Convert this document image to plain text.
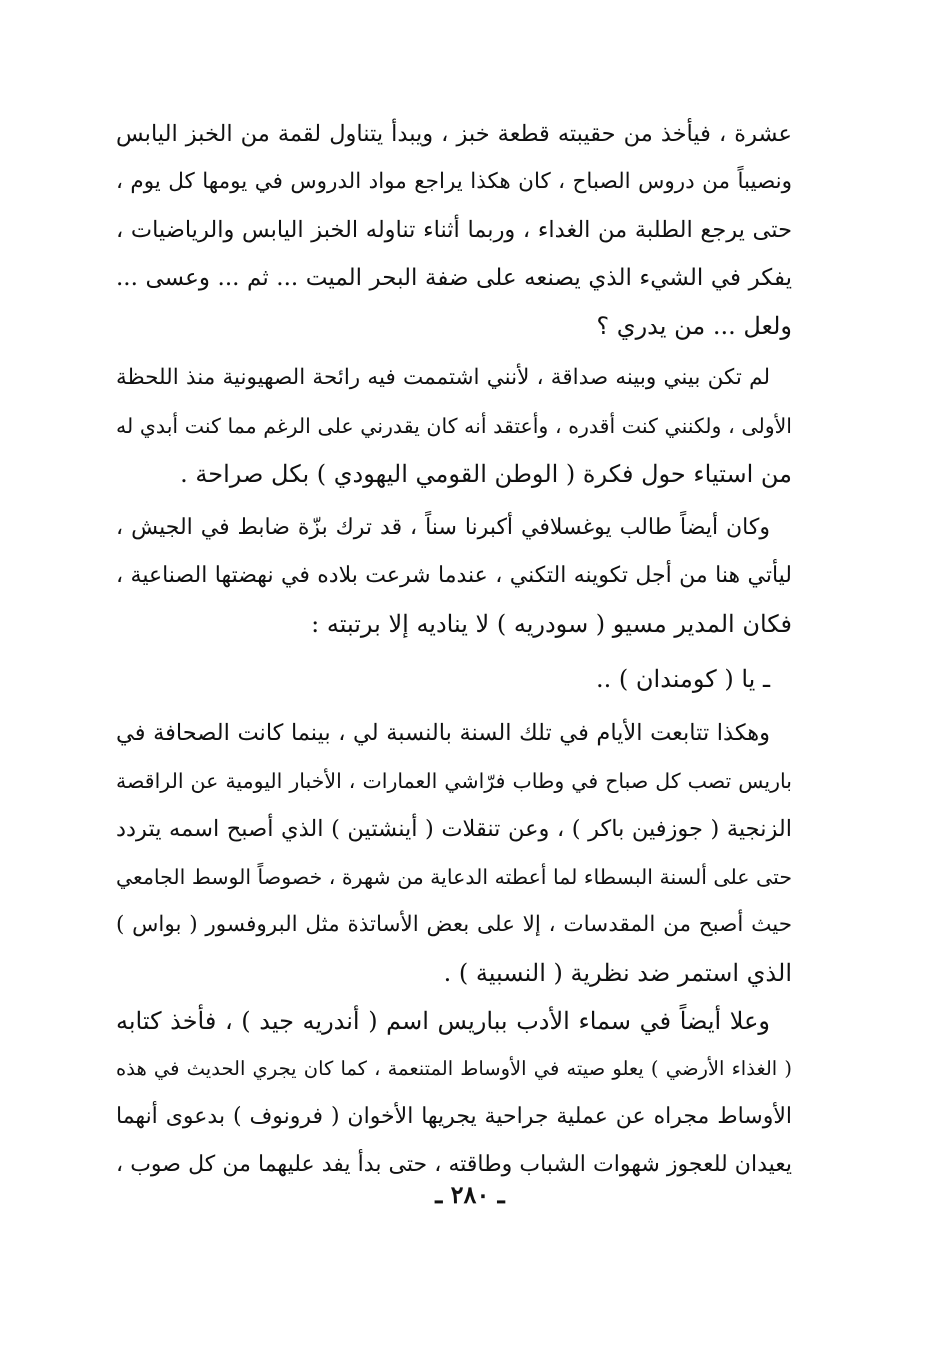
عشرة ، فيأخذ من حقيبته قطعة خبز ، ويبدأ يتناول لقمة من الخبز اليابس
ونصيباً من دروس الصباح ، كان هكذا يراجع مواد الدروس في يومها كل يوم ،
حتى يرجع الطلبة من الغداء ، وربما أثناء تناوله الخبز اليابس والرياضيات ،
يفكر في الشيء الذي يصنعه على ضفة البحر الميت ... ثم ... وعسى ...
ولعل ... من يدري ؟
لم تكن بيني وبينه صداقة ، لأنني اشتممت فيه رائحة الصهيونية منذ اللحظة
الأولى ، ولكنني كنت أقدره ، وأعتقد أنه كان يقدرني على الرغم مما كنت أبدي له
من استياء حول فكرة ( الوطن القومي اليهودي ) بكل صراحة .
وكان أيضاً طالب يوغسلافي أكبرنا سناً ، قد ترك بزّة ضابط في الجيش ،
ليأتي هنا من أجل تكوينه التكني ، عندما شرعت بلاده في نهضتها الصناعية ،
فكان المدير مسيو ( سودريه ) لا يناديه إلا برتبته :
ـ يا ( كومندان ) ..
وهكذا تتابعت الأيام في تلك السنة بالنسبة لي ، بينما كانت الصحافة في
باريس تصب كل صباح في وطاب فرّاشي العمارات ، الأخبار اليومية عن الراقصة
الزنجية ( جوزفين باكر ) ، وعن تنقلات ( أينشتين ) الذي أصبح اسمه يتردد
حتى على ألسنة البسطاء لما أعطته الدعاية من شهرة ، خصوصاً الوسط الجامعي
حيث أصبح من المقدسات ، إلا على بعض الأساتذة مثل البروفسور ( بواس )
الذي استمر ضد نظرية ( النسبية ) .
وعلا أيضاً في سماء الأدب بباريس اسم ( أندريه جيد ) ، فأخذ كتابه
( الغذاء الأرضي ) يعلو صيته في الأوساط المتنعمة ، كما كان يجري الحديث في هذه
الأوساط مجراه عن عملية جراحية يجريها الأخوان ( فرونوف ) بدعوى أنهما
يعيدان للعجوز شهوات الشباب وطاقته ، حتى بدأ يفد عليهما من كل صوب ،
ـ ٢٨٠ ـ
